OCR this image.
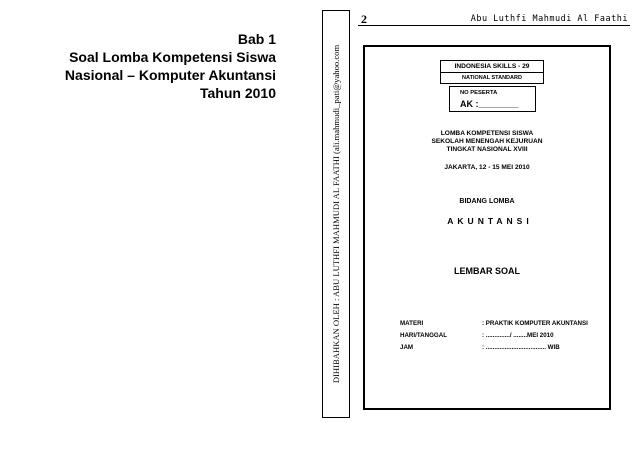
Bab 1
Soal Lomba Kompetensi Siswa
Nasional – Komputer Akuntansi
Tahun 2010	DIHIBAHKAN OLEH : ABU LUTHFI MAHMUDI AL FAATHI (ali.mahmudi_pati@yahoo.com
2	Abu Luthfi Mahmudi Al Faathi
INDONESIA SKILLS - 29
NATIONAL STANDARD
NO PESERTA
AK :________
LOMBA KOMPETENSI SISWA
SEKOLAH MENENGAH KEJURUAN
TINGKAT NASIONAL XVIII
JAKARTA, 12 - 15 MEI 2010
BIDANG LOMBA
AKUNTANSI
LEMBAR SOAL
MATERI	: PRAKTIK KOMPUTER AKUNTANSI
HARI/TANGGAL	: ............../ ........MEI 2010
JAM	: ................................... WIB
